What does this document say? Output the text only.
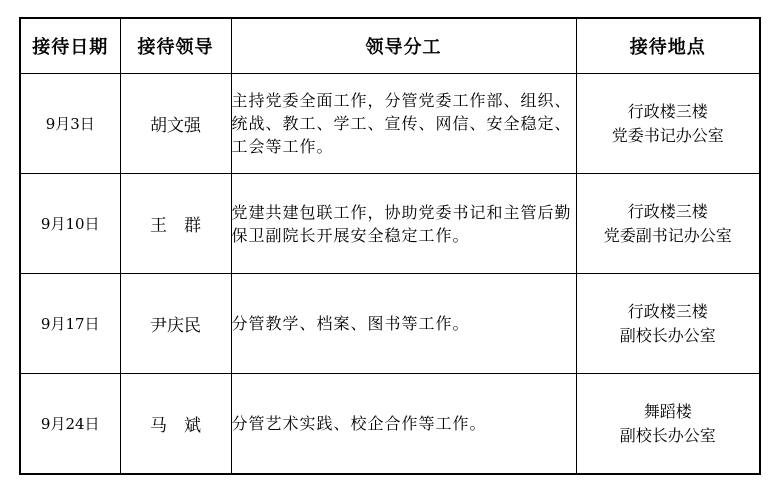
接待日期	接待领导	领导分工	接待地点
9月3日	胡文强	主持党委全面工作，分管党委工作部、组织、统战、教工、学工、宣传、网信、安全稳定、工会等工作。	行政楼三楼
党委书记办公室

9月10日	王　群	党建共建包联工作，协助党委书记和主管后勤保卫副院长开展安全稳定工作。	行政楼三楼
党委副书记办公室

9月17日	尹庆民	分管教学、档案、图书等工作。	行政楼三楼
副校长办公室

9月24日	马　斌	分管艺术实践、校企合作等工作。	舞蹈楼
副校长办公室
